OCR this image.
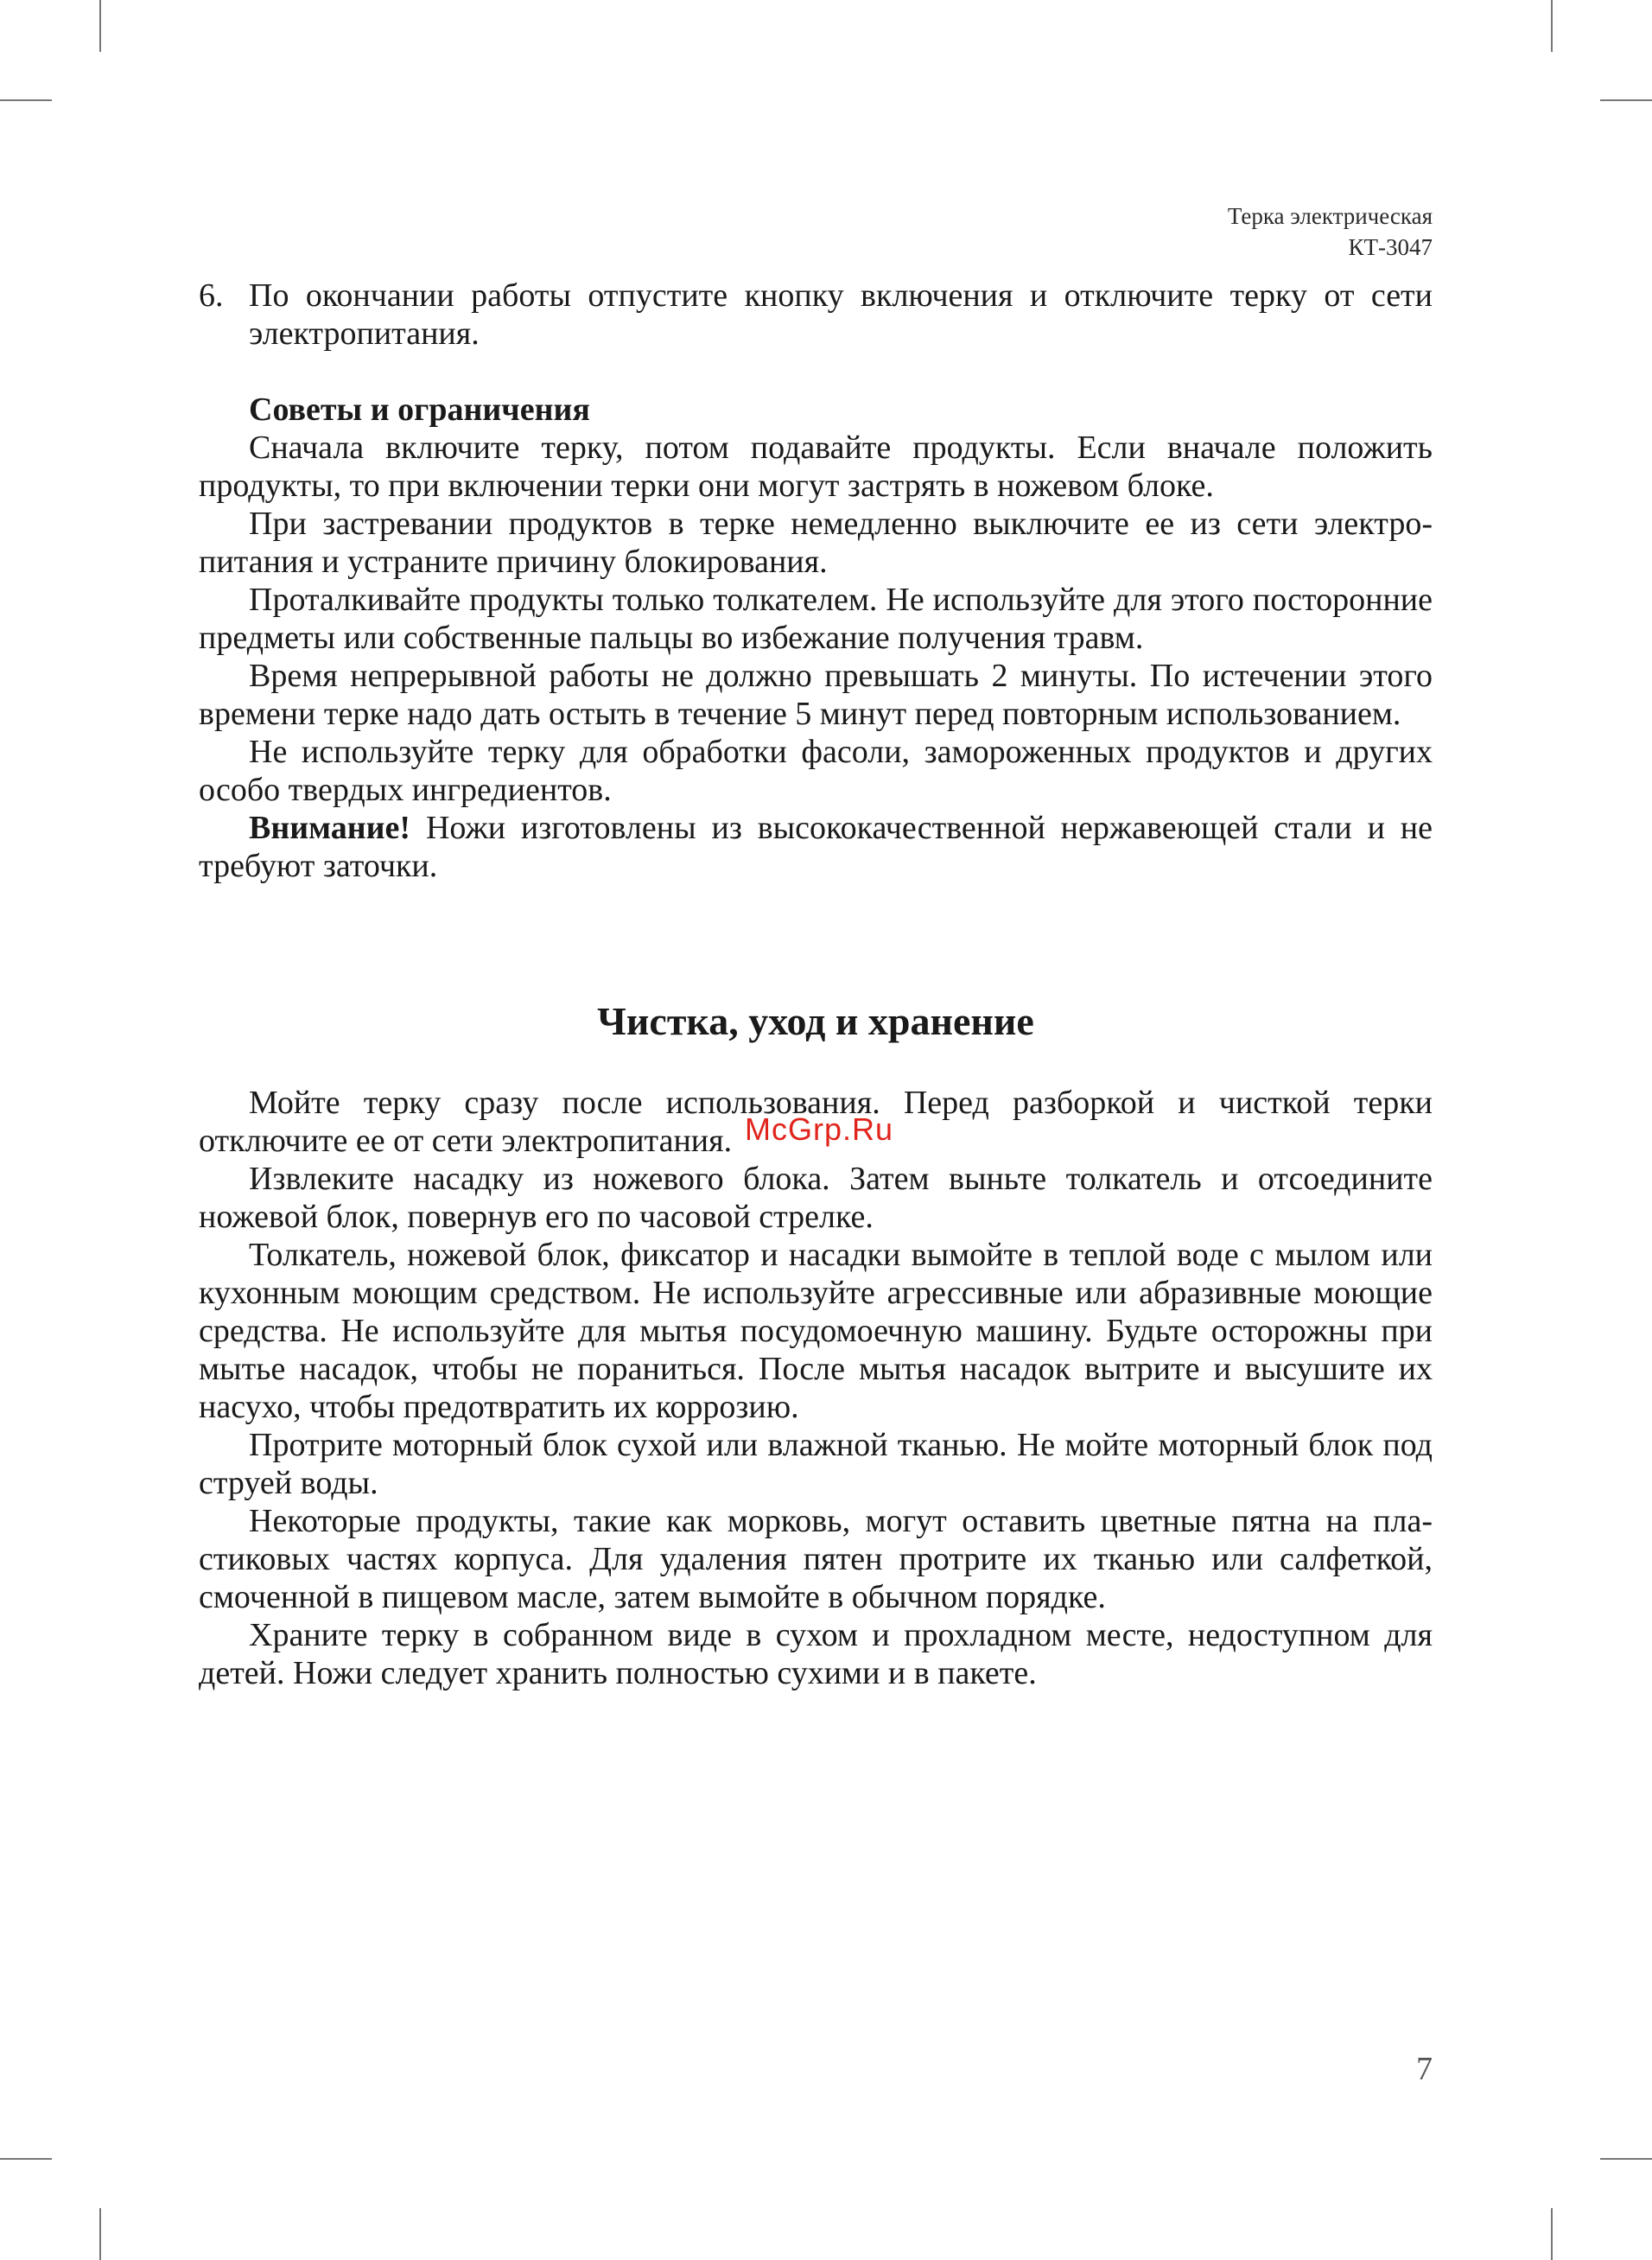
Терка электрическая
КТ-3047
6. По окончании работы отпустите кнопку включения и отключите терку от сети электропитания.
Советы и ограничения

Сначала включите терку, потом подавайте продукты. Если вначале положить продукты, то при включении терки они могут застрять в ножевом блоке.

При застревании продуктов в терке немедленно выключите ее из сети электропитания и устраните причину блокирования.

Проталкивайте продукты только толкателем. Не используйте для этого посторонние предметы или собственные пальцы во избежание получения травм.

Время непрерывной работы не должно превышать 2 минуты. По истечении этого времени терке надо дать остыть в течение 5 минут перед повторным использованием.

Не используйте терку для обработки фасоли, замороженных продуктов и других особо твердых ингредиентов.

Внимание! Ножи изготовлены из высококачественной нержавеющей стали и не требуют заточки.

Чистка, уход и хранение

Мойте терку сразу после использования. Перед разборкой и чисткой терки отключите ее от сети электропитания.

Извлеките насадку из ножевого блока. Затем выньте толкатель и отсоедините ножевой блок, повернув его по часовой стрелке.

Толкатель, ножевой блок, фиксатор и насадки вымойте в теплой воде с мылом или кухонным моющим средством. Не используйте агрессивные или абразивные моющие средства. Не используйте для мытья посудомоечную машину. Будьте осторожны при мытье насадок, чтобы не пораниться. После мытья насадок вытрите и высушите их насухо, чтобы предотвратить их коррозию.

Протрите моторный блок сухой или влажной тканью. Не мойте моторный блок под струей воды.

Некоторые продукты, такие как морковь, могут оставить цветные пятна на пластиковых частях корпуса. Для удаления пятен протрите их тканью или салфеткой, смоченной в пищевом масле, затем вымойте в обычном порядке.

Храните терку в собранном виде в сухом и прохладном месте, недоступном для детей. Ножи следует хранить полностью сухими и в пакете.

McGrp.Ru
7
